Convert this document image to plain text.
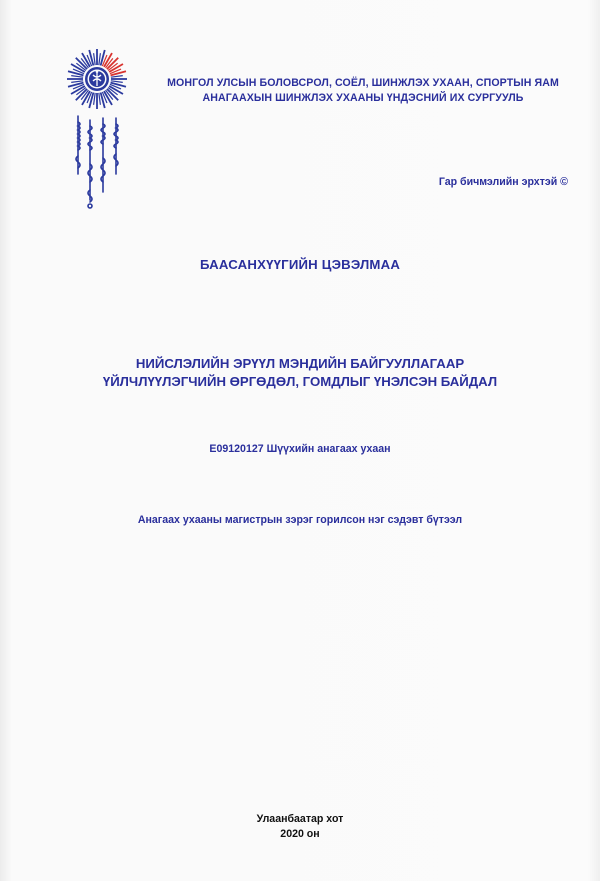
МОНГОЛ УЛСЫН БОЛОВСРОЛ, СОЁЛ, ШИНЖЛЭХ УХААН, СПОРТЫН ЯАМ
АНАГААХЫН ШИНЖЛЭХ УХААНЫ ҮНДЭСНИЙ ИХ СУРГУУЛЬ
Гар бичмэлийн эрхтэй ©
БААСАНХҮҮГИЙН ЦЭВЭЛМАА
НИЙСЛЭЛИЙН ЭРҮҮЛ МЭНДИЙН БАЙГУУЛЛАГААР
ҮЙЛЧЛҮҮЛЭГЧИЙН ӨРГӨДӨЛ, ГОМДЛЫГ ҮНЭЛСЭН БАЙДАЛ
Е09120127 Шүүхийн анагаах ухаан
Анагаах ухааны магистрын зэрэг горилсон нэг сэдэвт бүтээл
Улаанбаатар хот
2020 он
